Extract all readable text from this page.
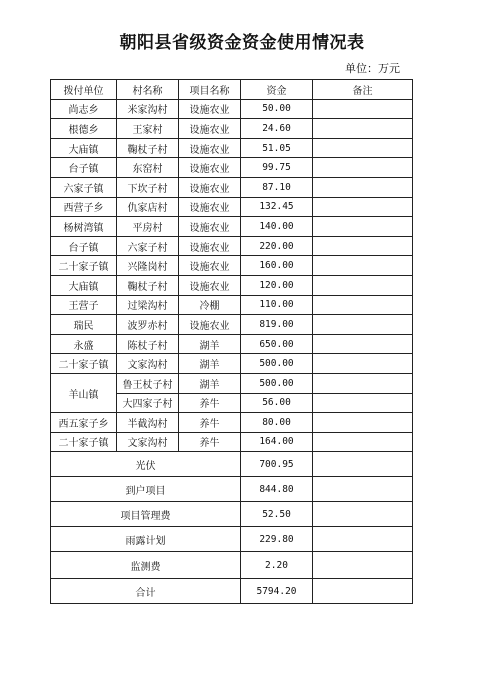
朝阳县省级资金资金使用情况表
单位：万元
拨付单位	村名称	项目名称	资金	备注
尚志乡	米家沟村	设施农业	50.00	
根德乡	王家村	设施农业	24.60	
大庙镇	鞠杖子村	设施农业	51.05	
台子镇	东窑村	设施农业	99.75	
六家子镇	下坎子村	设施农业	87.10	
西营子乡	仇家店村	设施农业	132.45	
杨树湾镇	平房村	设施农业	140.00	
台子镇	六家子村	设施农业	220.00	
二十家子镇	兴隆岗村	设施农业	160.00	
大庙镇	鞠杖子村	设施农业	120.00	
王营子	过梁沟村	冷棚	110.00	
瑞民	波罗赤村	设施农业	819.00	
永盛	陈杖子村	湖羊	650.00	
二十家子镇	文家沟村	湖羊	500.00	
羊山镇	鲁王杖子村	湖羊	500.00	
	大四家子村	养牛	56.00	
西五家子乡	半截沟村	养牛	80.00	
二十家子镇	文家沟村	养牛	164.00	
光伏			700.95	
到户项目			844.80	
项目管理费			52.50	
雨露计划			229.80	
监测费			2.20	
合计			5794.20	
